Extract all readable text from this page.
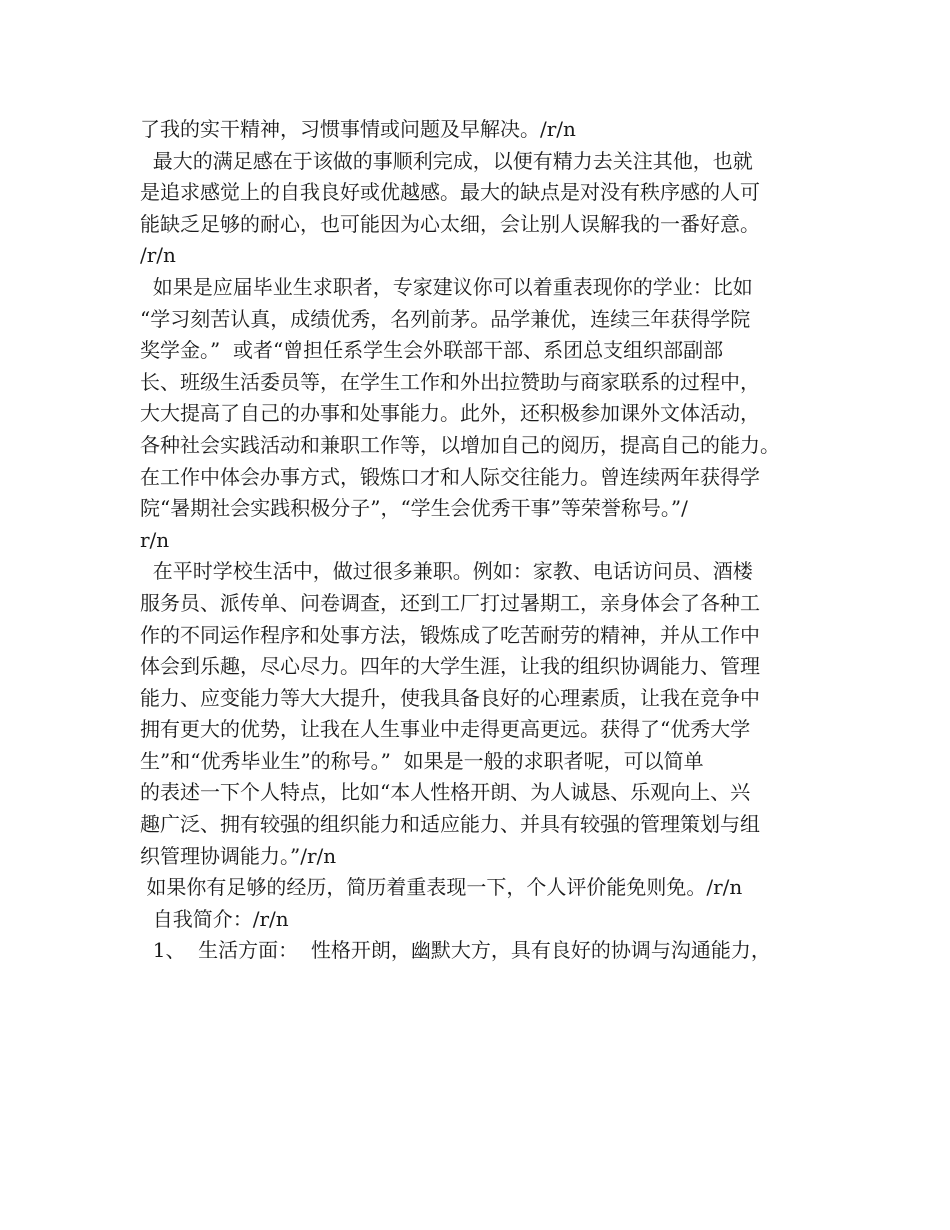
了我的实干精神，习惯事情或问题及早解决。/r/n
最大的满足感在于该做的事顺利完成，以便有精力去关注其他，也就
是追求感觉上的自我良好或优越感。最大的缺点是对没有秩序感的人可
能缺乏足够的耐心，也可能因为心太细，会让别人误解我的一番好意。
/r/n
如果是应届毕业生求职者，专家建议你可以着重表现你的学业：比如
“学习刻苦认真，成绩优秀，名列前茅。品学兼优，连续三年获得学院
奖学金。”  或者“曾担任系学生会外联部干部、系团总支组织部副部
长、班级生活委员等，在学生工作和外出拉赞助与商家联系的过程中，
大大提高了自己的办事和处事能力。此外，还积极参加课外文体活动，
各种社会实践活动和兼职工作等，以增加自己的阅历，提高自己的能力。
在工作中体会办事方式，锻炼口才和人际交往能力。曾连续两年获得学
院“暑期社会实践积极分子”，“学生会优秀干事”等荣誉称号。”/
r/n
在平时学校生活中，做过很多兼职。例如：家教、电话访问员、酒楼
服务员、派传单、问卷调查，还到工厂打过暑期工，亲身体会了各种工
作的不同运作程序和处事方法，锻炼成了吃苦耐劳的精神，并从工作中
体会到乐趣，尽心尽力。四年的大学生涯，让我的组织协调能力、管理
能力、应变能力等大大提升，使我具备良好的心理素质，让我在竞争中
拥有更大的优势，让我在人生事业中走得更高更远。获得了“优秀大学
生”和“优秀毕业生”的称号。”  如果是一般的求职者呢，可以简单
的表述一下个人特点，比如“本人性格开朗、为人诚恳、乐观向上、兴
趣广泛、拥有较强的组织能力和适应能力、并具有较强的管理策划与组
织管理协调能力。”/r/n
如果你有足够的经历，简历着重表现一下，个人评价能免则免。/r/n
自我简介：/r/n
1、  生活方面：  性格开朗，幽默大方，具有良好的协调与沟通能力，
